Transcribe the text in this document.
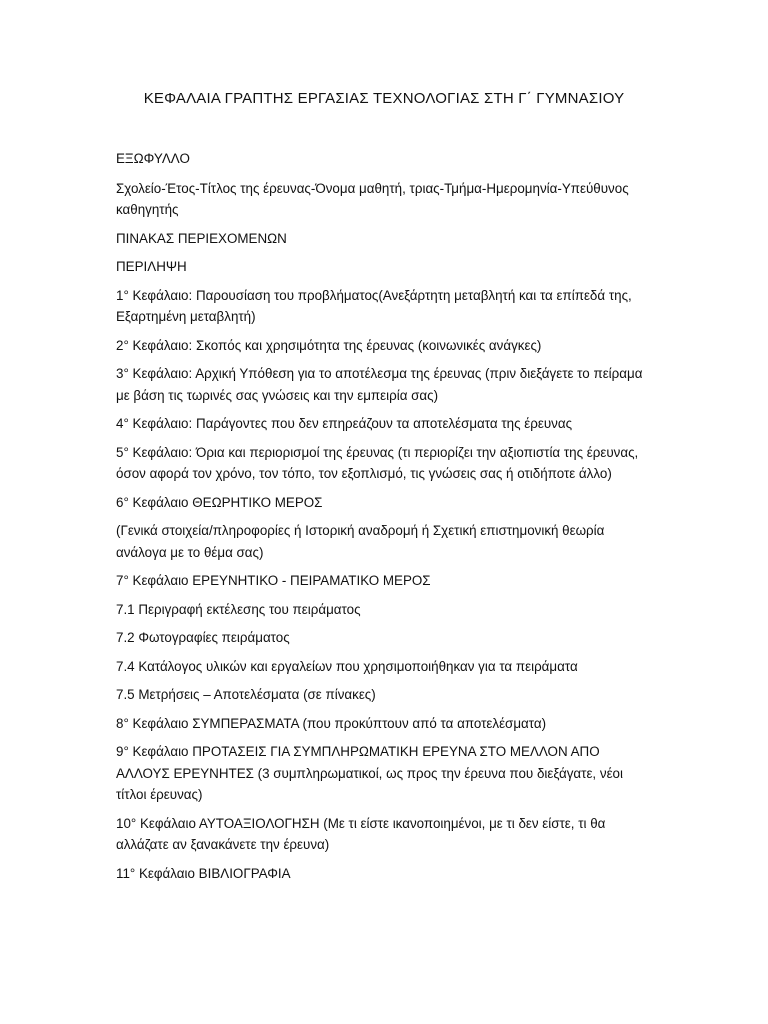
ΚΕΦΑΛΑΙΑ ΓΡΑΠΤΗΣ ΕΡΓΑΣΙΑΣ ΤΕΧΝΟΛΟΓΙΑΣ ΣΤΗ Γ΄ ΓΥΜΝΑΣΙΟΥ

ΕΞΩΦΥΛΛΟ

Σχολείο-Έτος-Τίτλος της έρευνας-Όνομα μαθητή, τριας-Τμήμα-Ημερομηνία-Υπεύθυνος καθηγητής

ΠΙΝΑΚΑΣ ΠΕΡΙΕΧΟΜΕΝΩΝ

ΠΕΡΙΛΗΨΗ

1° Κεφάλαιο: Παρουσίαση του προβλήματος(Ανεξάρτητη μεταβλητή και τα επίπεδά της, Εξαρτημένη μεταβλητή)

2° Κεφάλαιο: Σκοπός και χρησιμότητα της έρευνας (κοινωνικές ανάγκες)

3° Κεφάλαιο: Αρχική Υπόθεση για το αποτέλεσμα της έρευνας (πριν διεξάγετε το πείραμα με βάση τις τωρινές σας γνώσεις και την εμπειρία σας)

4° Κεφάλαιο: Παράγοντες που δεν επηρεάζουν τα αποτελέσματα της έρευνας

5° Κεφάλαιο: Όρια και περιορισμοί της έρευνας (τι περιορίζει την αξιοπιστία της έρευνας, όσον αφορά τον χρόνο, τον τόπο, τον εξοπλισμό, τις γνώσεις σας ή οτιδήποτε άλλο)

6° Κεφάλαιο ΘΕΩΡΗΤΙΚΟ ΜΕΡΟΣ

(Γενικά στοιχεία/πληροφορίες ή Ιστορική αναδρομή ή Σχετική επιστημονική θεωρία ανάλογα με το θέμα σας)

7° Κεφάλαιο ΕΡΕΥΝΗΤΙΚΟ - ΠΕΙΡΑΜΑΤΙΚΟ ΜΕΡΟΣ

7.1 Περιγραφή εκτέλεσης του πειράματος

7.2 Φωτογραφίες πειράματος

7.4 Κατάλογος υλικών και εργαλείων που χρησιμοποιήθηκαν για τα πειράματα

7.5 Μετρήσεις – Αποτελέσματα (σε πίνακες)

8° Κεφάλαιο ΣΥΜΠΕΡΑΣΜΑΤΑ (που προκύπτουν από τα αποτελέσματα)

9° Κεφάλαιο ΠΡΟΤΑΣΕΙΣ ΓΙΑ ΣΥΜΠΛΗΡΩΜΑΤΙΚΗ ΕΡΕΥΝΑ ΣΤΟ ΜΕΛΛΟΝ ΑΠΟ ΑΛΛΟΥΣ ΕΡΕΥΝΗΤΕΣ (3 συμπληρωματικοί, ως προς την έρευνα που διεξάγατε, νέοι τίτλοι έρευνας)

10° Κεφάλαιο ΑΥΤΟΑΞΙΟΛΟΓΗΣΗ (Με τι είστε ικανοποιημένοι, με τι δεν είστε, τι θα αλλάζατε αν ξανακάνετε την έρευνα)

11° Κεφάλαιο ΒΙΒΛΙΟΓΡΑΦΙΑ
